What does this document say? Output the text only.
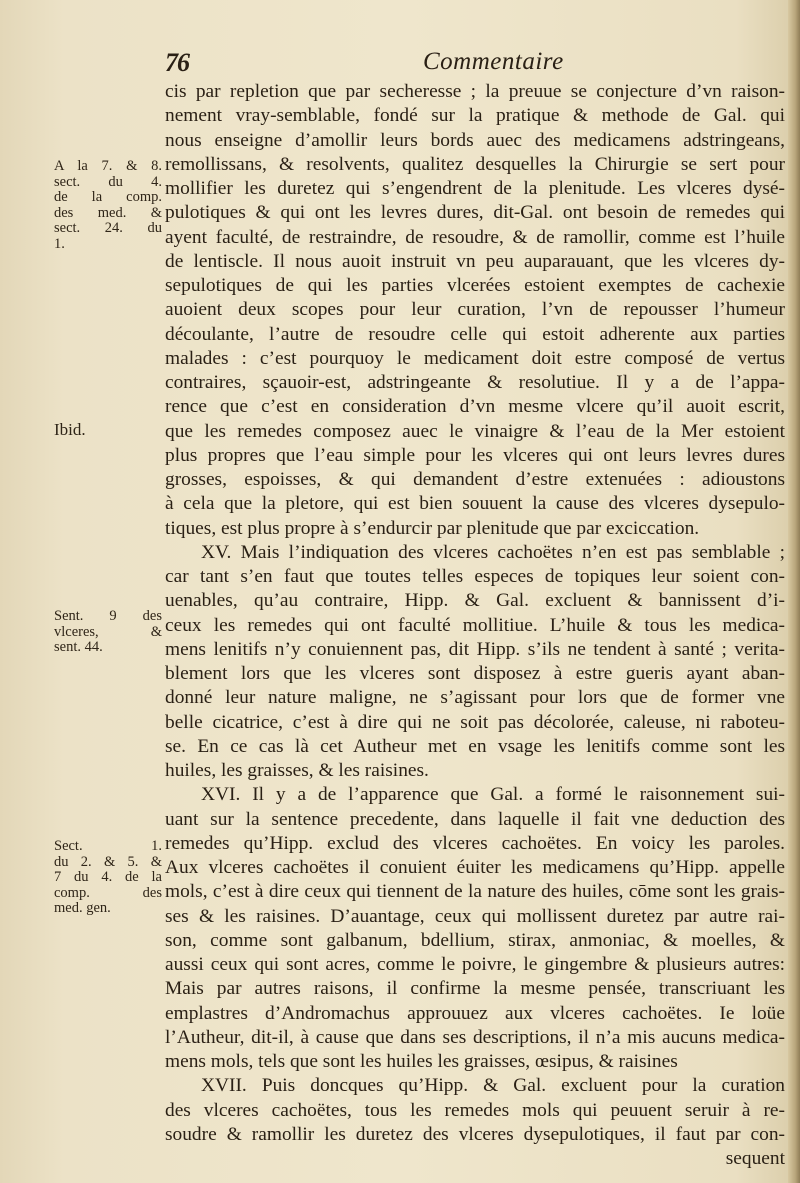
76	Commentaire
cis par repletion que par secheresse ; la preuue se conjecture d’vn raison-
nement vray-semblable, fondé sur la pratique & methode de Gal. qui
nous enseigne d’amollir leurs bords auec des medicamens adstringeans,
remollissans, & resolvents, qualitez desquelles la Chirurgie se sert pour
mollifier les duretez qui s’engendrent de la plenitude. Les vlceres dysé-
pulotiques & qui ont les levres dures, dit-Gal. ont besoin de remedes qui
ayent faculté, de restraindre, de resoudre, & de ramollir, comme est l’huile
de lentiscle. Il nous auoit instruit vn peu auparauant, que les vlceres dy-
sepulotiques de qui les parties vlcerées estoient exemptes de cachexie
auoient deux scopes pour leur curation, l’vn de repousser l’humeur
découlante, l’autre de resoudre celle qui estoit adherente aux parties
malades : c’est pourquoy le medicament doit estre composé de vertus
contraires, sçauoir-est, adstringeante & resolutiue. Il y a de l’appa-
rence que c’est en consideration d’vn mesme vlcere qu’il auoit escrit,
que les remedes composez auec le vinaigre & l’eau de la Mer estoient
plus propres que l’eau simple pour les vlceres qui ont leurs levres dures
grosses, espoisses, & qui demandent d’estre extenuées : adioustons
à cela que la pletore, qui est bien souuent la cause des vlceres dysepulo-
tiques, est plus propre à s’endurcir par plenitude que par exciccation.
XV. Mais l’indiquation des vlceres cachoëtes n’en est pas semblable ;
car tant s’en faut que toutes telles especes de topiques leur soient con-
uenables, qu’au contraire, Hipp. & Gal. excluent & bannissent d’i-
ceux les remedes qui ont faculté mollitiue. L’huile & tous les medica-
mens lenitifs n’y conuiennent pas, dit Hipp. s’ils ne tendent à santé ; verita-
blement lors que les vlceres sont disposez à estre gueris ayant aban-
donné leur nature maligne, ne s’agissant pour lors que de former vne
belle cicatrice, c’est à dire qui ne soit pas décolorée, caleuse, ni raboteu-
se. En ce cas là cet Autheur met en vsage les lenitifs comme sont les
huiles, les graisses, & les raisines.
XVI. Il y a de l’apparence que Gal. a formé le raisonnement sui-
uant sur la sentence precedente, dans laquelle il fait vne deduction des
remedes qu’Hipp. exclud des vlceres cachoëtes. En voicy les paroles.
Aux vlceres cachoëtes il conuient éuiter les medicamens qu’Hipp. appelle
mols, c’est à dire ceux qui tiennent de la nature des huiles, cōme sont les grais-
ses & les raisines. D’auantage, ceux qui mollissent duretez par autre rai-
son, comme sont galbanum, bdellium, stirax, anmoniac, & moelles, &
aussi ceux qui sont acres, comme le poivre, le gingembre & plusieurs autres:
Mais par autres raisons, il confirme la mesme pensée, transcriuant les
emplastres d’Andromachus approuuez aux vlceres cachoëtes. Ie loüe
l’Autheur, dit-il, à cause que dans ses descriptions, il n’a mis aucuns medica-
mens mols, tels que sont les huiles les graisses, œsipus, & raisines
XVII. Puis doncques qu’Hipp. & Gal. excluent pour la curation
des vlceres cachoëtes, tous les remedes mols qui peuuent seruir à re-
soudre & ramollir les duretez des vlceres dysepulotiques, il faut par con-
sequent
A la 7. & 8.
sect. du 4.
de la comp.
des med. &
sect. 24. du
1.
Ibid.
Sent. 9 des
vlceres, &
sent. 44.
Sect. 1.
du 2. & 5. &
7 du 4. de la
comp. des
med. gen.
